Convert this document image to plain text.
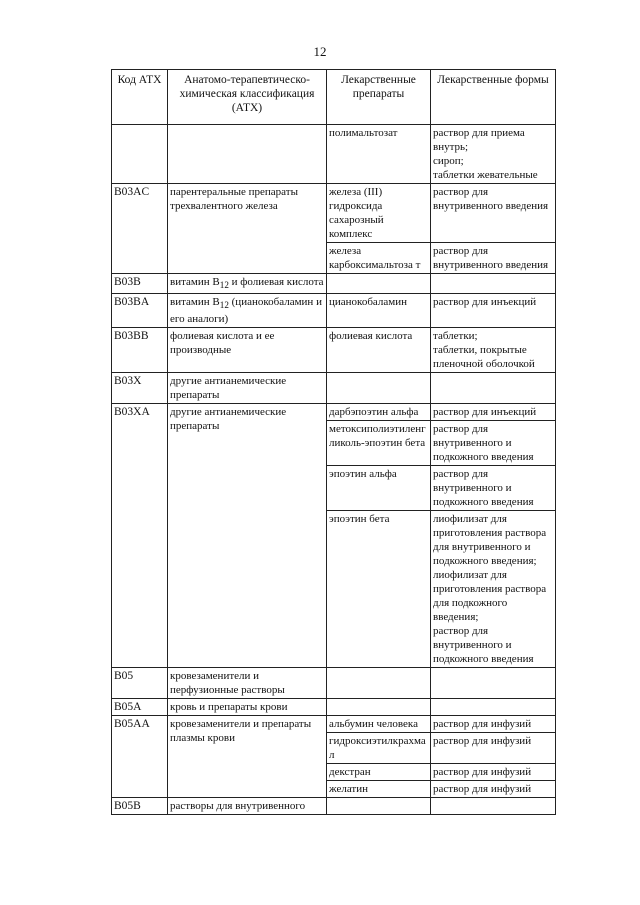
12
Код АТХ	Анатомо-терапевтическо-химическая классификация (АТХ)	Лекарственные препараты	Лекарственные формы
		полимальтозат	раствор для приема внутрь;
сироп;
таблетки жевательные
B03AC	парентеральные препараты трехвалентного железа	железа (III) гидроксида сахарозный комплекс	раствор для внутривенного введения
		железа карбоксимальтоза т	раствор для внутривенного введения
B03B	витамин $B_{12}$ и фолиевая кислота		
B03BA	витамин $B_{12}$ (цианокобаламин и его аналоги)	цианокобаламин	раствор для инъекций
B03BB	фолиевая кислота и ее производные	фолиевая кислота	таблетки;
таблетки, покрытые пленочной оболочкой
B03X	другие антианемические препараты		
B03XA	другие антианемические препараты	дарбэпоэтин альфа	раствор для инъекций
		метоксиполиэтиленгликоль-эпоэтин бета	раствор для внутривенного и подкожного введения
		эпоэтин альфа	раствор для внутривенного и подкожного введения
		эпоэтин бета	лиофилизат для приготовления раствора для внутривенного и подкожного введения;
лиофилизат для приготовления раствора для подкожного введения;
раствор для внутривенного и подкожного введения
B05	кровезаменители и перфузионные растворы		
B05A	кровь и препараты крови		
B05AA	кровезаменители и препараты плазмы крови	альбумин человека	раствор для инфузий
		гидроксиэтилкрахмал	раствор для инфузий
		декстран	раствор для инфузий
		желатин	раствор для инфузий
B05B	растворы для внутривенного		
